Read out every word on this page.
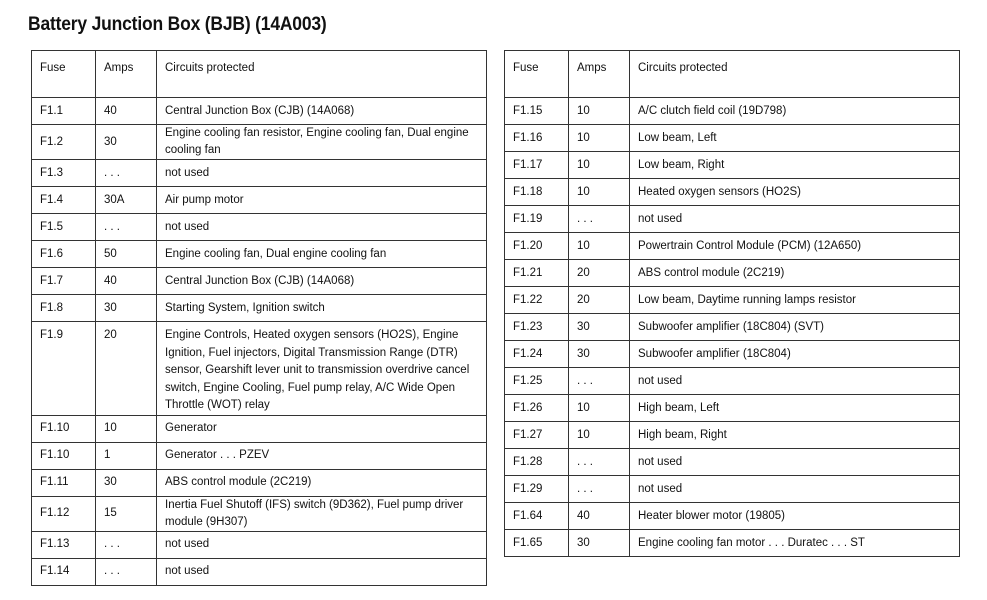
Battery Junction Box (BJB) (14A003)
Fuse	Amps	Circuits protected
F1.1	40	Central Junction Box (CJB) (14A068)
F1.2	30	Engine cooling fan resistor, Engine cooling fan, Dual engine cooling fan
F1.3	. . .	not used
F1.4	30A	Air pump motor
F1.5	. . .	not used
F1.6	50	Engine cooling fan, Dual engine cooling fan
F1.7	40	Central Junction Box (CJB) (14A068)
F1.8	30	Starting System, Ignition switch
F1.9	20	Engine Controls, Heated oxygen sensors (HO2S), Engine Ignition, Fuel injectors, Digital Transmission Range (DTR) sensor, Gearshift lever unit to transmission overdrive cancel switch, Engine Cooling, Fuel pump relay, A/C Wide Open Throttle (WOT) relay
F1.10	10	Generator
F1.10	1	Generator . . . PZEV
F1.11	30	ABS control module (2C219)
F1.12	15	Inertia Fuel Shutoff (IFS) switch (9D362), Fuel pump driver module (9H307)
F1.13	. . .	not used
F1.14	. . .	not used
Fuse	Amps	Circuits protected
F1.15	10	A/C clutch field coil (19D798)
F1.16	10	Low beam, Left
F1.17	10	Low beam, Right
F1.18	10	Heated oxygen sensors (HO2S)
F1.19	. . .	not used
F1.20	10	Powertrain Control Module (PCM) (12A650)
F1.21	20	ABS control module (2C219)
F1.22	20	Low beam, Daytime running lamps resistor
F1.23	30	Subwoofer amplifier (18C804) (SVT)
F1.24	30	Subwoofer amplifier (18C804)
F1.25	. . .	not used
F1.26	10	High beam, Left
F1.27	10	High beam, Right
F1.28	. . .	not used
F1.29	. . .	not used
F1.64	40	Heater blower motor (19805)
F1.65	30	Engine cooling fan motor . . . Duratec . . . ST
